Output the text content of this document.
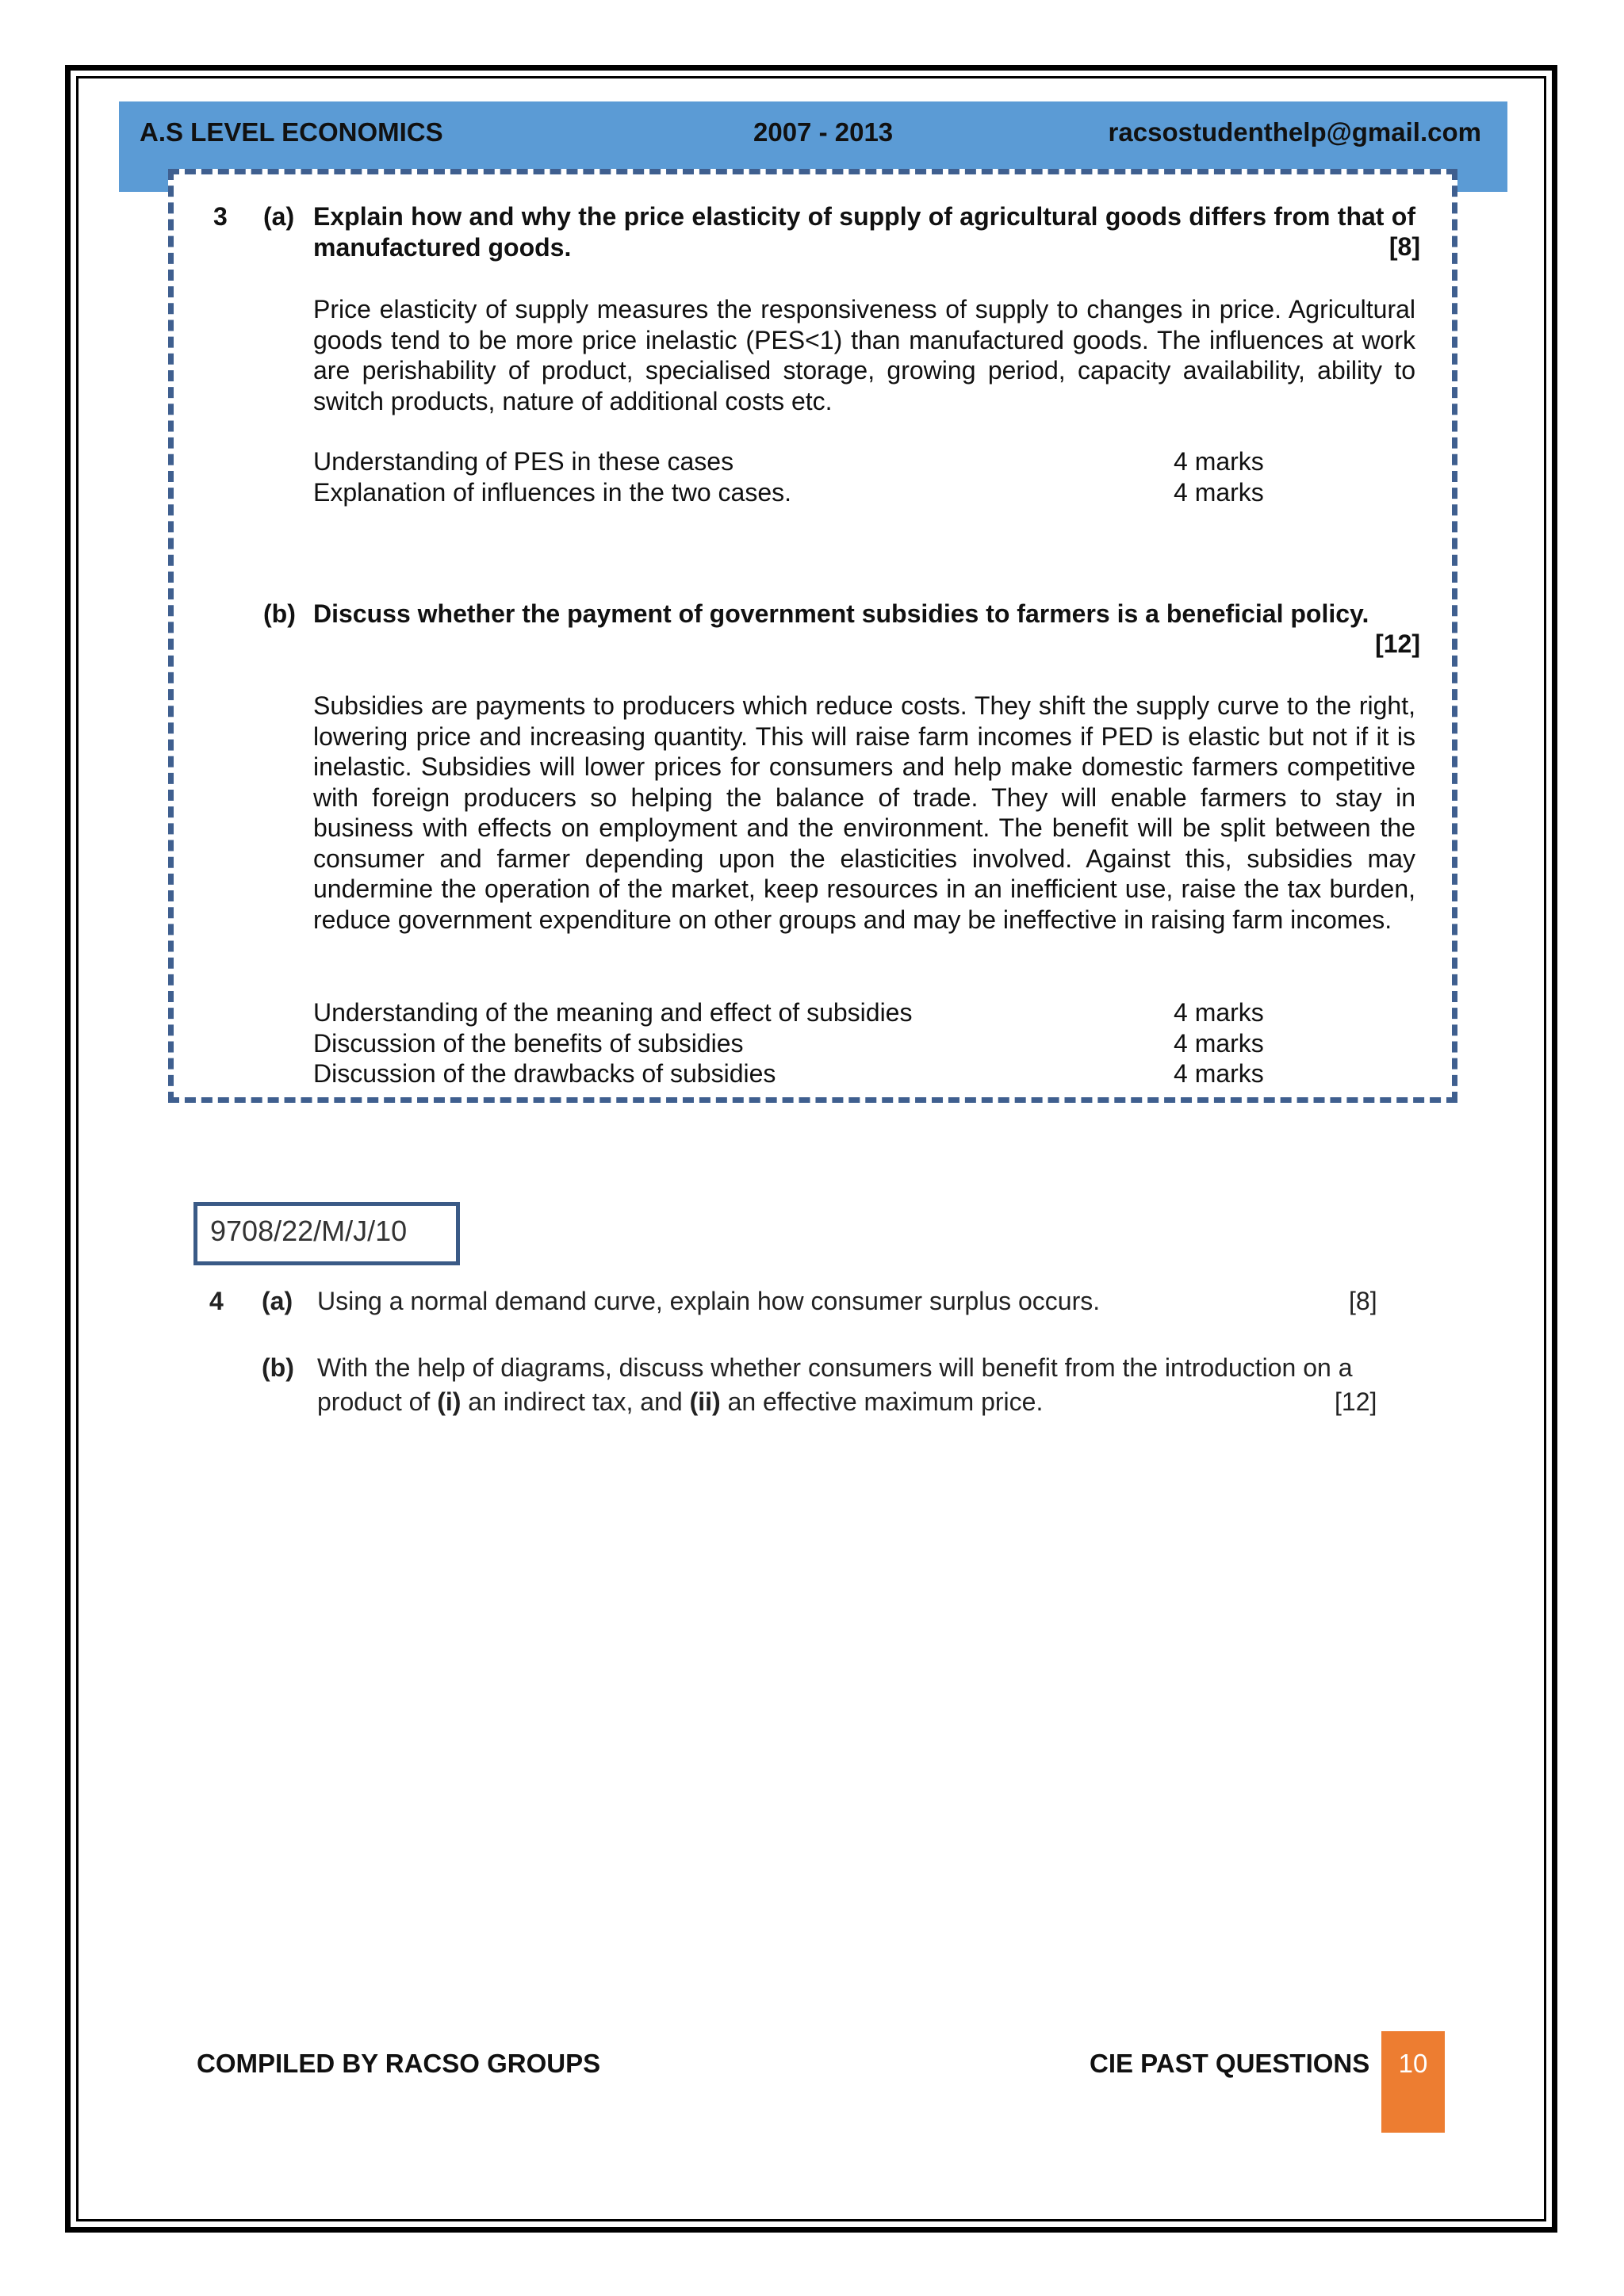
A.S LEVEL ECONOMICS	2007 - 2013	racsostudenthelp@gmail.com
3 (a) Explain how and why the price elasticity of supply of agricultural goods differs from that of manufactured goods.	[8]

Price elasticity of supply measures the responsiveness of supply to changes in price. Agricultural goods tend to be more price inelastic (PES<1) than manufactured goods. The influences at work are perishability of product, specialised storage, growing period, capacity availability, ability to switch products, nature of additional costs etc.

Understanding of PES in these cases	4 marks
Explanation of influences in the two cases.	4 marks
(b) Discuss whether the payment of government subsidies to farmers is a beneficial policy.
[12]

Subsidies are payments to producers which reduce costs. They shift the supply curve to the right, lowering price and increasing quantity. This will raise farm incomes if PED is elastic but not if it is inelastic. Subsidies will lower prices for consumers and help make domestic farmers competitive with foreign producers so helping the balance of trade. They will enable farmers to stay in business with effects on employment and the environment. The benefit will be split between the consumer and farmer depending upon the elasticities involved. Against this, subsidies may undermine the operation of the market, keep resources in an inefficient use, raise the tax burden, reduce government expenditure on other groups and may be ineffective in raising farm incomes.

Understanding of the meaning and effect of subsidies	4 marks
Discussion of the benefits of subsidies	4 marks
Discussion of the drawbacks of subsidies	4 marks
9708/22/M/J/10
4 (a) Using a normal demand curve, explain how consumer surplus occurs.	[8]
(b) With the help of diagrams, discuss whether consumers will benefit from the introduction on a product of (i) an indirect tax, and (ii) an effective maximum price.	[12]
COMPILED BY RACSO GROUPS	CIE PAST QUESTIONS	10
